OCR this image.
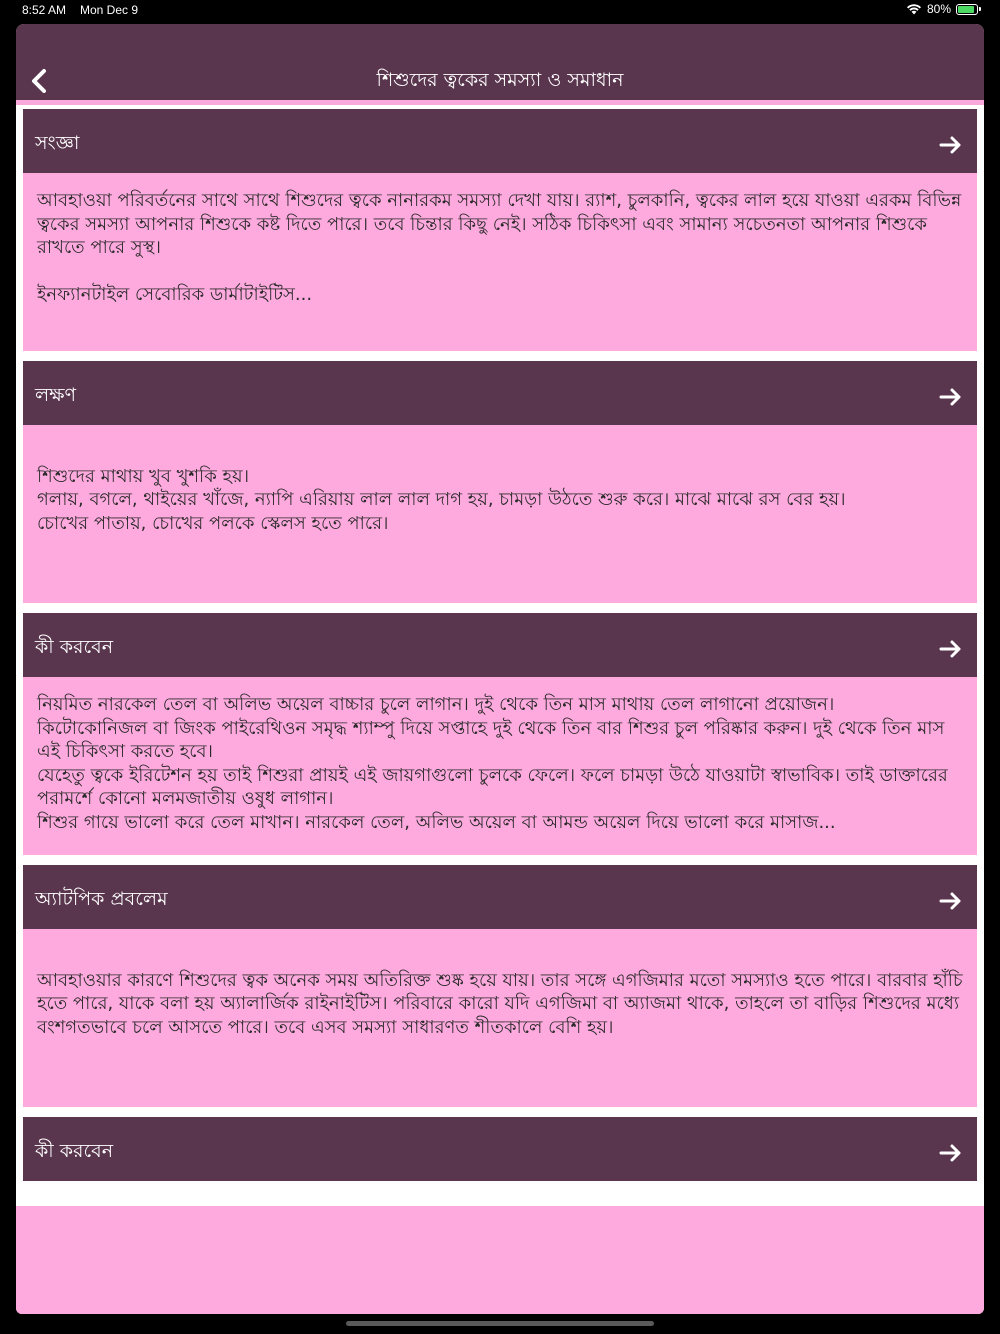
8:52 AM Mon Dec 9	80%
শিশুদের ত্বকের সমস্যা ও সমাধান
সংজ্ঞা

আবহাওয়া পরিবর্তনের সাথে সাথে শিশুদের ত্বকে নানারকম সমস্যা দেখা যায়। র‍্যাশ, চুলকানি, ত্বকের লাল হয়ে যাওয়া এরকম বিভিন্ন ত্বকের সমস্যা আপনার শিশুকে কষ্ট দিতে পারে। তবে চিন্তার কিছু নেই। সঠিক চিকিৎসা এবং সামান্য সচেতনতা আপনার শিশুকে রাখতে পারে সুস্থ।

ইনফ্যানটাইল সেবোরিক ডার্মাটাইটিস...

লক্ষণ

শিশুদের মাথায় খুব খুশকি হয়।
গলায়, বগলে, থাইয়ের খাঁজে, ন্যাপি এরিয়ায় লাল লাল দাগ হয়, চামড়া উঠতে শুরু করে। মাঝে মাঝে রস বের হয়।
চোখের পাতায়, চোখের পলকে স্কেলস হতে পারে।

কী করবেন

নিয়মিত নারকেল তেল বা অলিভ অয়েল বাচ্চার চুলে লাগান। দুই থেকে তিন মাস মাথায় তেল লাগানো প্রয়োজন।
কিটোকোনিজল বা জিংক পাইরেথিওন সমৃদ্ধ শ্যাম্পু দিয়ে সপ্তাহে দুই থেকে তিন বার শিশুর চুল পরিষ্কার করুন। দুই থেকে তিন মাস এই চিকিৎসা করতে হবে।
যেহেতু ত্বকে ইরিটেশন হয় তাই শিশুরা প্রায়ই এই জায়গাগুলো চুলকে ফেলে। ফলে চামড়া উঠে যাওয়াটা স্বাভাবিক। তাই ডাক্তারের পরামর্শে কোনো মলমজাতীয় ওষুধ লাগান।
শিশুর গায়ে ভালো করে তেল মাখান। নারকেল তেল, অলিভ অয়েল বা আমন্ড অয়েল দিয়ে ভালো করে মাসাজ...

অ্যাটপিক প্রবলেম

আবহাওয়ার কারণে শিশুদের ত্বক অনেক সময় অতিরিক্ত শুষ্ক হয়ে যায়। তার সঙ্গে এগজিমার মতো সমস্যাও হতে পারে। বারবার হাঁচি হতে পারে, যাকে বলা হয় অ্যালার্জিক রাইনাইটিস। পরিবারে কারো যদি এগজিমা বা অ্যাজমা থাকে, তাহলে তা বাড়ির শিশুদের মধ্যে বংশগতভাবে চলে আসতে পারে। তবে এসব সমস্যা সাধারণত শীতকালে বেশি হয়।

কী করবেন
